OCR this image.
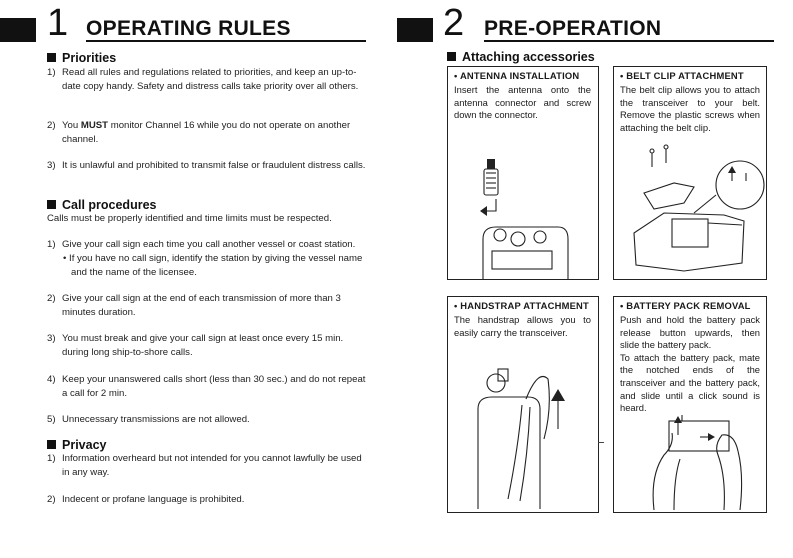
1 OPERATING RULES
Priorities
1) Read all rules and regulations related to priorities, and keep an up-to-date copy handy. Safety and distress calls take priority over all others.
2) You MUST monitor Channel 16 while you do not operate on another channel.
3) It is unlawful and prohibited to transmit false or fraudulent distress calls.
Call procedures
Calls must be properly identified and time limits must be respected.
1) Give your call sign each time you call another vessel or coast station.
• If you have no call sign, identify the station by giving the vessel name and the name of the licensee.
2) Give your call sign at the end of each transmission of more than 3 minutes duration.
3) You must break and give your call sign at least once every 15 min. during long ship-to-shore calls.
4) Keep your unanswered calls short (less than 30 sec.) and do not repeat a call for 2 min.
5) Unnecessary transmissions are not allowed.
Privacy
1) Information overheard but not intended for you cannot lawfully be used in any way.
2) Indecent or profane language is prohibited.
2 PRE-OPERATION
Attaching accessories
• ANTENNA INSTALLATION
Insert the antenna onto the antenna connector and screw down the connector.
• BELT CLIP ATTACHMENT
The belt clip allows you to attach the transceiver to your belt. Remove the plastic screws when attaching the belt clip.
• HANDSTRAP ATTACHMENT
The handstrap allows you to easily carry the transceiver.
• BATTERY PACK REMOVAL
Push and hold the battery pack release button upwards, then slide the battery pack.
To attach the battery pack, mate the notched ends of the transceiver and the battery pack, and slide until a click sound is heard.
